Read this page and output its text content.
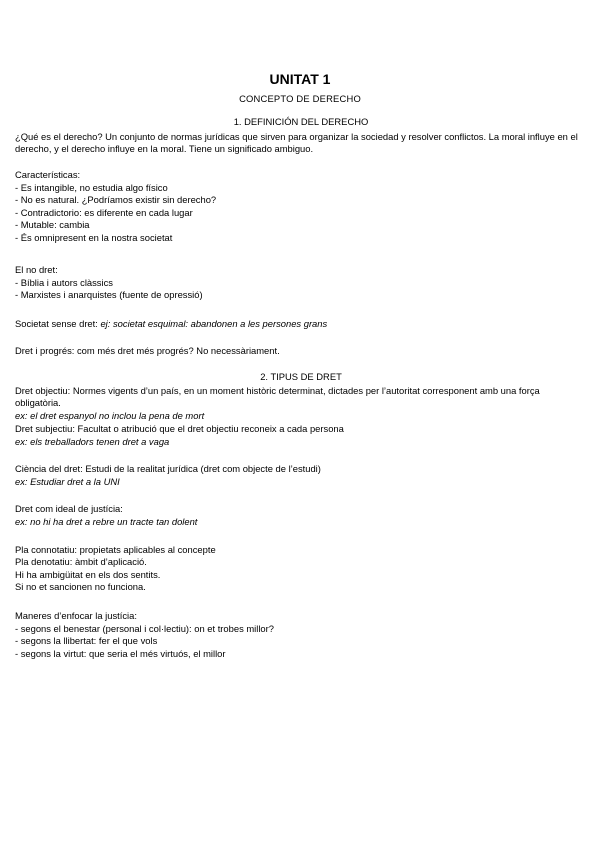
UNITAT 1
CONCEPTO DE DERECHO
1. DEFINICIÓN DEL DERECHO
¿Qué es el derecho? Un conjunto de normas jurídicas que sirven para organizar la sociedad y resolver conflictos. La moral influye en el derecho, y el derecho influye en la moral. Tiene un significado ambiguo.
Características:
- Es intangible, no estudia algo físico
- No es natural. ¿Podríamos existir sin derecho?
- Contradictorio: es diferente en cada lugar
- Mutable: cambia
- És omnipresent en la nostra societat
El no dret:
- Bíblia i autors clàssics
- Marxistes i anarquistes (fuente de opressió)
Societat sense dret: ej: societat esquimal: abandonen a les persones grans
Dret i progrés: com més dret més progrés? No necessàriament.
2. TIPUS DE DRET
Dret objectiu: Normes vigents d’un país, en un moment històric determinat, dictades per l’autoritat corresponent amb una força obligatòria.
ex: el dret espanyol no inclou la pena de mort
Dret subjectiu: Facultat o atribució que el dret objectiu reconeix a cada persona
ex: els treballadors tenen dret a vaga
Ciència del dret: Estudi de la realitat jurídica (dret com objecte de l’estudi)
ex: Estudiar dret a la UNI
Dret com ideal de justícia:
ex: no hi ha dret a rebre un tracte tan dolent
Pla connotatiu: propietats aplicables al concepte
Pla denotatiu: àmbit d’aplicació.
Hi ha ambigüitat en els dos sentits.
Si no et sancionen no funciona.
Maneres d’enfocar la justícia:
- segons el benestar (personal i col·lectiu): on et trobes millor?
- segons la llibertat: fer el que vols
- segons la virtut: que seria el més virtuós, el millor
